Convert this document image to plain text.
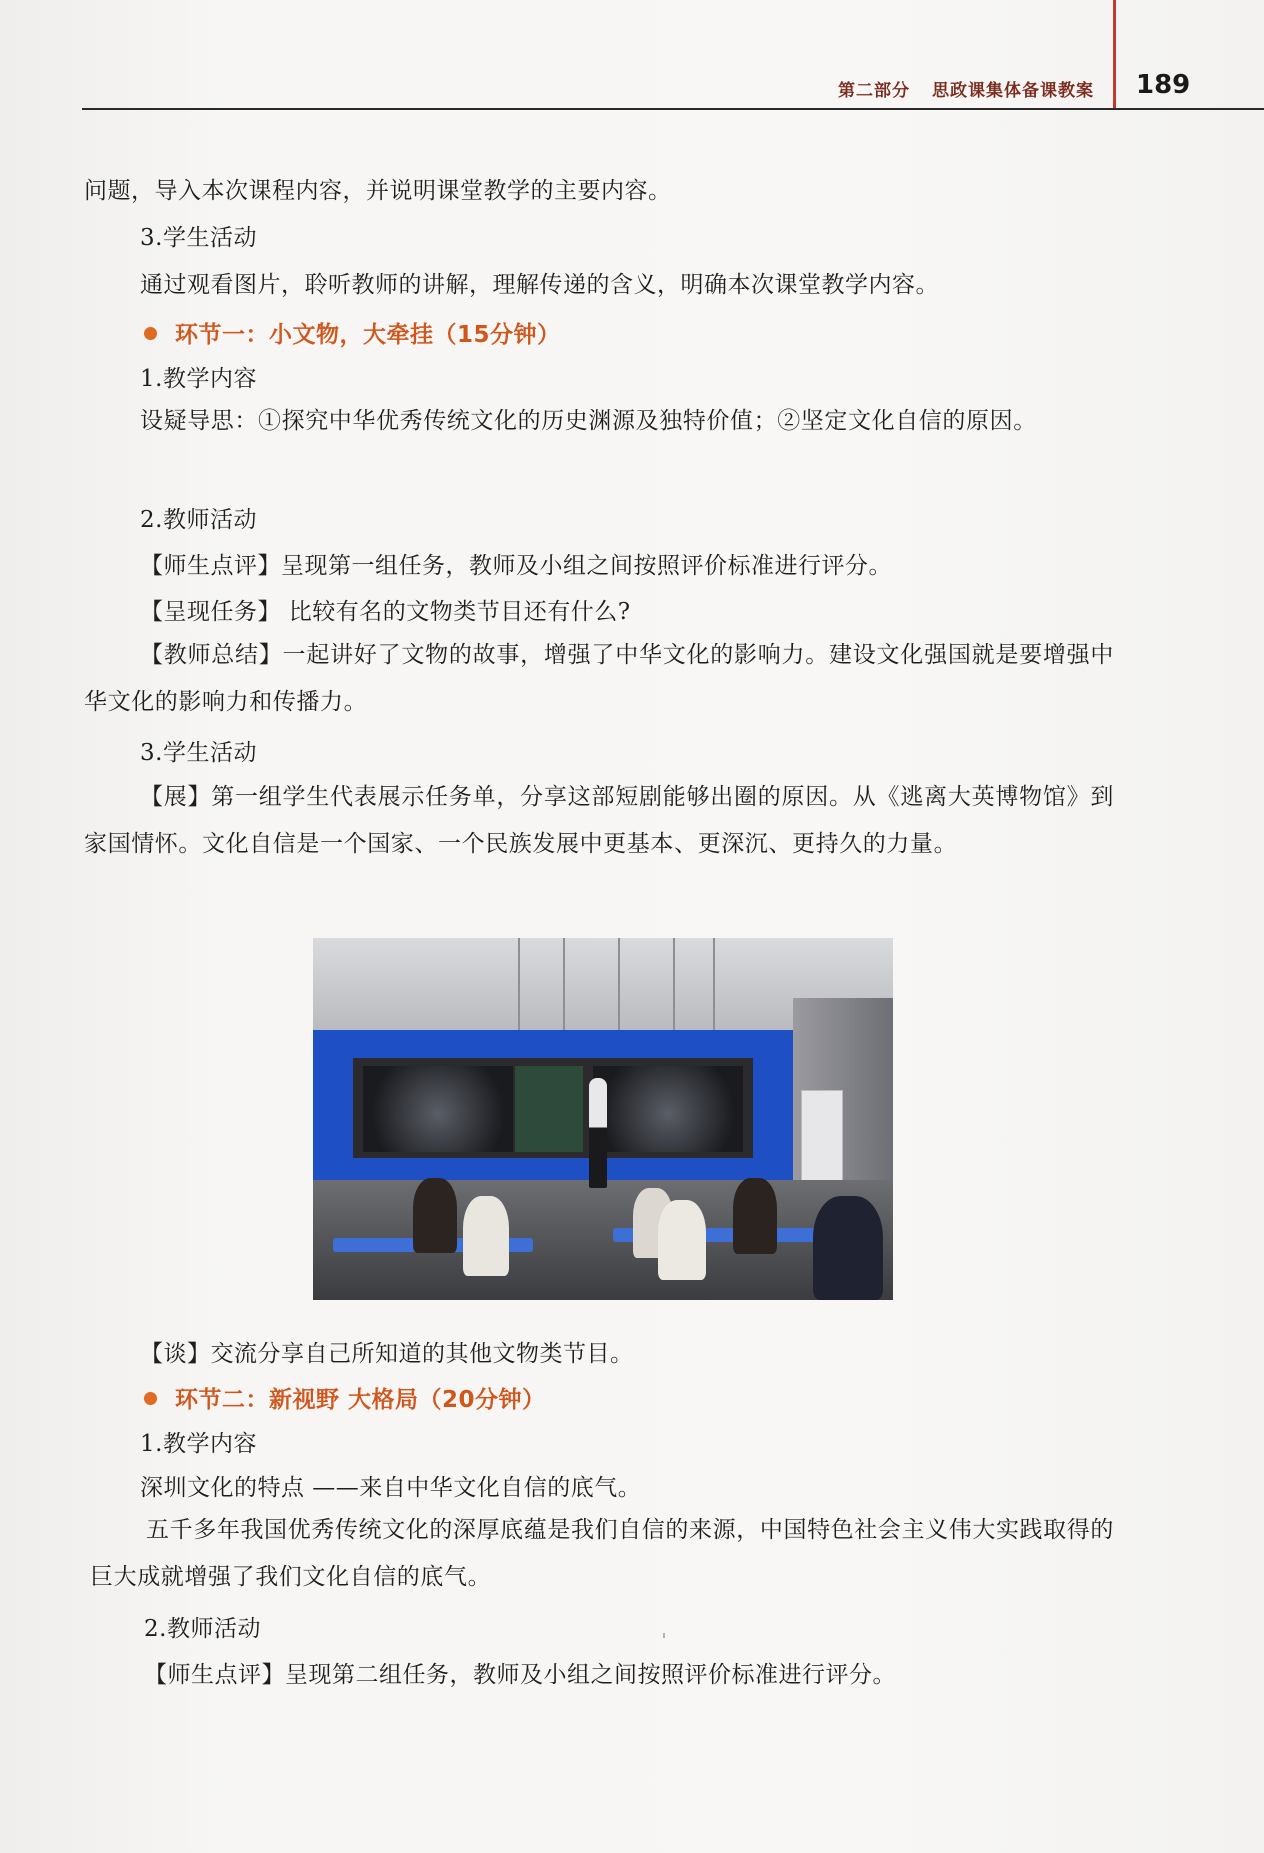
第二部分 思政课集体备课教案 189
问题，导入本次课程内容，并说明课堂教学的主要内容。
3.学生活动
通过观看图片，聆听教师的讲解，理解传递的含义，明确本次课堂教学内容。
环节一：小文物，大牵挂（15分钟）
1.教学内容
设疑导思：①探究中华优秀传统文化的历史渊源及独特价值；②坚定文化自信的原因。
2.教师活动
【师生点评】呈现第一组任务，教师及小组之间按照评价标准进行评分。
【呈现任务】 比较有名的文物类节目还有什么?
【教师总结】一起讲好了文物的故事，增强了中华文化的影响力。建设文化强国就是要增强中华文化的影响力和传播力。
3.学生活动
【展】第一组学生代表展示任务单，分享这部短剧能够出圈的原因。从《逃离大英博物馆》到家国情怀。文化自信是一个国家、一个民族发展中更基本、更深沉、更持久的力量。
【谈】交流分享自己所知道的其他文物类节目。
环节二：新视野 大格局（20分钟）
1.教学内容
深圳文化的特点 ——来自中华文化自信的底气。
五千多年我国优秀传统文化的深厚底蕴是我们自信的来源，中国特色社会主义伟大实践取得的巨大成就增强了我们文化自信的底气。
2.教师活动
【师生点评】呈现第二组任务，教师及小组之间按照评价标准进行评分。
